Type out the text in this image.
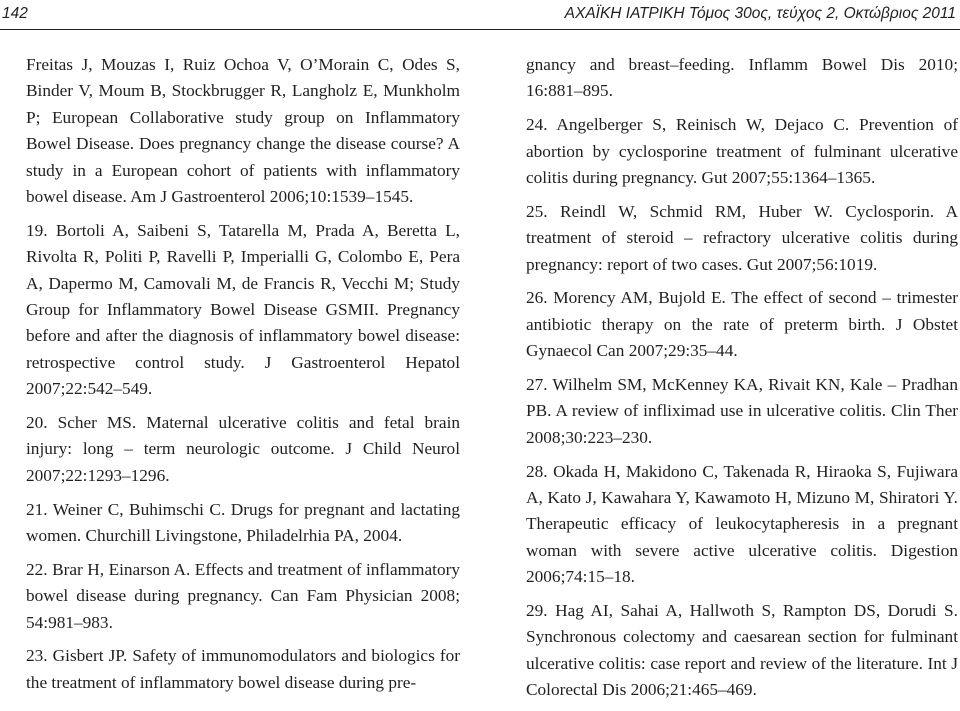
142	ΑΧΑΪΚΗ ΙΑΤΡΙΚΗ Τόμος 30ος, τεύχος 2, Οκτώβριος 2011
Freitas J, Mouzas I, Ruiz Ochoa V, O’Morain C, Odes S, Binder V, Moum B, Stockbrugger R, Langholz E, Munkholm P; European Collaborative study group on Inflammatory Bowel Disease. Does pregnancy change the disease course? A study in a European cohort of patients with inflammatory bowel disease. Am J Gastroenterol 2006;10:1539–1545.
19. Bortoli A, Saibeni S, Tatarella M, Prada A, Beretta L, Rivolta R, Politi P, Ravelli P, Imperialli G, Colombo E, Pera A, Dapermo M, Camovali M, de Francis R, Vecchi M; Study Group for Inflammatory Bowel Disease GSMII. Pregnancy before and after the diagnosis of inflammatory bowel disease: retrospective control study. J Gastroenterol Hepatol 2007;22:542–549.
20. Scher MS. Maternal ulcerative colitis and fetal brain injury: long – term neurologic outcome. J Child Neurol 2007;22:1293–1296.
21. Weiner C, Buhimschi C. Drugs for pregnant and lactating women. Churchill Livingstone, Philadelrhia PA, 2004.
22. Brar H, Einarson A. Effects and treatment of inflammatory bowel disease during pregnancy. Can Fam Physician 2008; 54:981–983.
23. Gisbert JP. Safety of immunomodulators and biologics for the treatment of inflammatory bowel disease during pre-
gnancy and breast–feeding. Inflamm Bowel Dis 2010; 16:881–895.
24. Angelberger S, Reinisch W, Dejaco C. Prevention of abortion by cyclosporine treatment of fulminant ulcerative colitis during pregnancy. Gut 2007;55:1364–1365.
25. Reindl W, Schmid RM, Huber W. Cyclosporin. A treatment of steroid – refractory ulcerative colitis during pregnancy: report of two cases. Gut 2007;56:1019.
26. Morency AM, Bujold E. The effect of second – trimester antibiotic therapy on the rate of preterm birth. J Obstet Gynaecol Can 2007;29:35–44.
27. Wilhelm SM, McKenney KA, Rivait KN, Kale – Pradhan PB. A review of infliximad use in ulcerative colitis. Clin Ther 2008;30:223–230.
28. Okada H, Makidono C, Takenada R, Hiraoka S, Fujiwara A, Kato J, Kawahara Y, Kawamoto H, Mizuno M, Shiratori Y. Therapeutic efficacy of leukocytapheresis in a pregnant woman with severe active ulcerative colitis. Digestion 2006;74:15–18.
29. Hag AI, Sahai A, Hallwoth S, Rampton DS, Dorudi S. Synchronous colectomy and caesarean section for fulminant ulcerative colitis: case report and review of the literature. Int J Colorectal Dis 2006;21:465–469.
